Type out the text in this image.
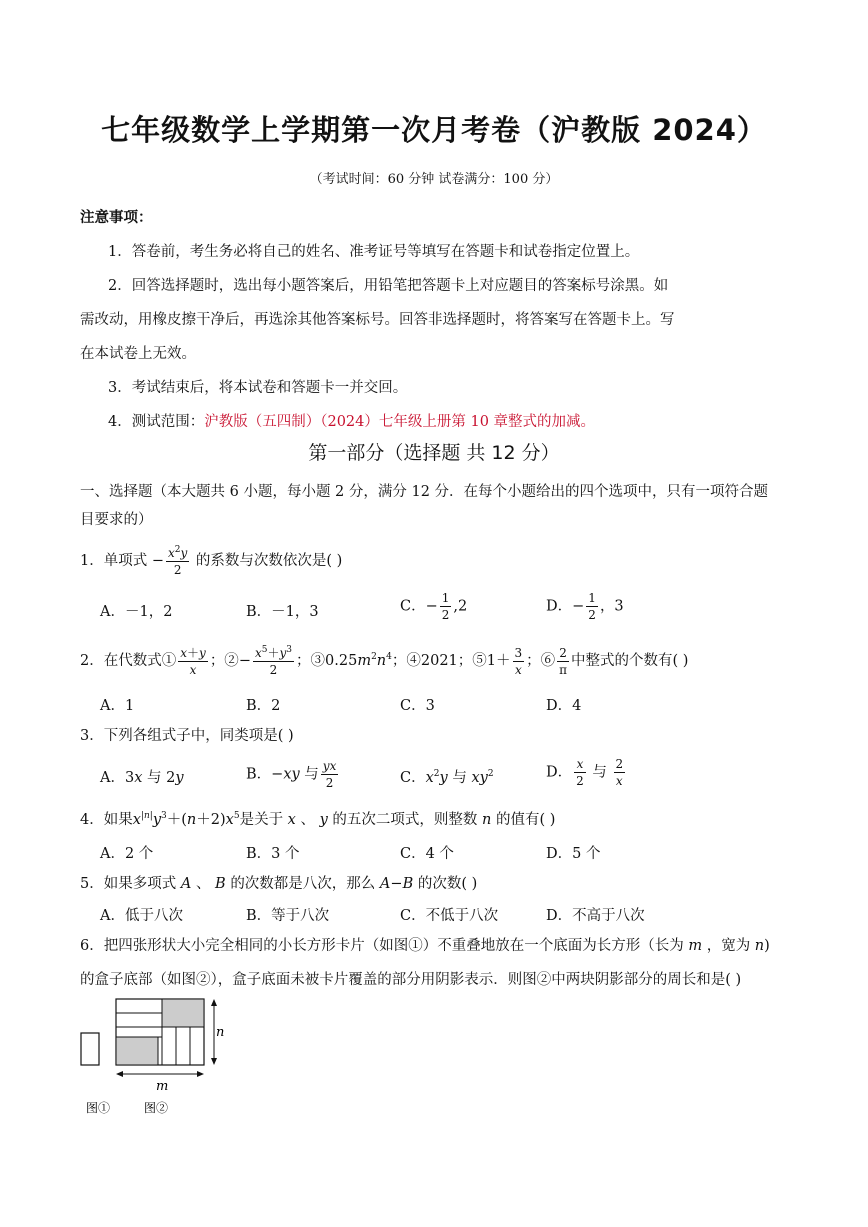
七年级数学上学期第一次月考卷（沪教版 2024）
（考试时间：60 分钟 试卷满分：100 分）
注意事项：
1．答卷前，考生务必将自己的姓名、准考证号等填写在答题卡和试卷指定位置上。
2．回答选择题时，选出每小题答案后，用铅笔把答题卡上对应题目的答案标号涂黑。如
需改动，用橡皮擦干净后，再选涂其他答案标号。回答非选择题时，将答案写在答题卡上。写
在本试卷上无效。
3．考试结束后，将本试卷和答题卡一并交回。
4．测试范围：沪教版（五四制）（2024）七年级上册第 10 章整式的加减。
第一部分（选择题 共 12 分）
一、选择题（本大题共 6 小题，每小题 2 分，满分 12 分．在每个小题给出的四个选项中，只有一项符合题
目要求的）
1．单项式 − $\frac{x^2y}{2}$ 的系数与次数依次是( )
A．－1，2	B．－1，3	C．− $\frac{1}{2} ,2$	D．− $\frac{1}{2}$ ，3
2．在代数式① $\frac{x+y}{x}$ ；②− $\frac{x^5+y^3}{2}$ ；$③0.25m^2n^4$；④2021；⑤1＋ $\frac{3}{x}$ ；⑥ $\frac{2}{\pi}$ 中整式的个数有( )
A．1	B．2	C．3	D．4
3．下列各组式子中，同类项是( )
A．3x 与 2y	B．−xy 与 $\frac{yx}{2}$	C．$x^2y$ 与 $xy^2$	D． $\frac{x}{2}$ 与 $\frac{2}{x}$
4．如果$x^{|n|}y^3+(n+2)x^5$是关于 x 、 y 的五次二项式，则整数 n 的值有( )
A．2 个	B．3 个	C．4 个	D．5 个
5．如果多项式 A 、 B 的次数都是八次，那么 A−B 的次数( )
A．低于八次	B．等于八次	C．不低于八次	D．不高于八次
6．把四张形状大小完全相同的小长方形卡片（如图①）不重叠地放在一个底面为长方形（长为 m ，宽为 n)
的盒子底部（如图②），盒子底面未被卡片覆盖的部分用阴影表示．则图②中两块阴影部分的周长和是( )
n
m
图①	图②
